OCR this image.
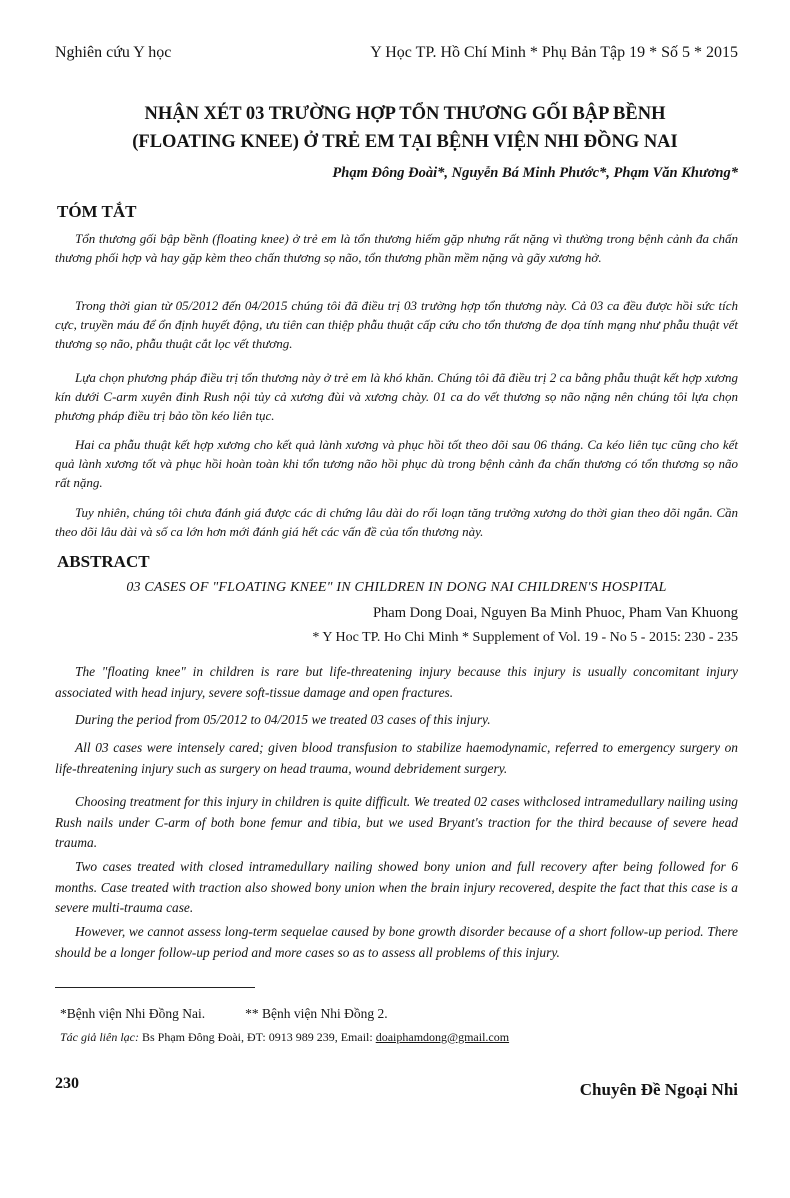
Nghiên cứu Y học	Y Học TP. Hồ Chí Minh * Phụ Bản Tập 19 * Số 5 * 2015
NHẬN XÉT 03 TRƯỜNG HỢP TỔN THƯƠNG GỐI BẬP BỀNH
(FLOATING KNEE) Ở TRẺ EM TẠI BỆNH VIỆN NHI ĐỒNG NAI
Phạm Đông Đoài*, Nguyễn Bá Minh Phước*, Phạm Văn Khương*
TÓM TẮT

Tổn thương gối bập bềnh (floating knee) ở trẻ em là tổn thương hiếm gặp nhưng rất nặng vì thường trong bệnh cảnh đa chấn thương phối hợp và hay gặp kèm theo chấn thương sọ não, tổn thương phần mềm nặng và gãy xương hở.

Trong thời gian từ 05/2012 đến 04/2015 chúng tôi đã điều trị 03 trường hợp tổn thương này. Cả 03 ca đều được hồi sức tích cực, truyền máu để ổn định huyết động, ưu tiên can thiệp phẫu thuật cấp cứu cho tổn thương đe dọa tính mạng như phẫu thuật vết thương sọ não, phẫu thuật cắt lọc vết thương.

Lựa chọn phương pháp điều trị tổn thương này ở trẻ em là khó khăn. Chúng tôi đã điều trị 2 ca bằng phẫu thuật kết hợp xương kín dưới C-arm xuyên đinh Rush nội tủy cả xương đùi và xương chày. 01 ca do vết thương sọ não nặng nên chúng tôi lựa chọn phương pháp điều trị bảo tồn kéo liên tục.

Hai ca phẫu thuật kết hợp xương cho kết quả lành xương và phục hồi tốt theo dõi sau 06 tháng. Ca kéo liên tục cũng cho kết quả lành xương tốt và phục hồi hoàn toàn khi tổn tương não hồi phục dù trong bệnh cảnh đa chấn thương có tổn thương sọ não rất nặng.

Tuy nhiên, chúng tôi chưa đánh giá được các di chứng lâu dài do rối loạn tăng trưởng xương do thời gian theo dõi ngắn. Cần theo dõi lâu dài và số ca lớn hơn mới đánh giá hết các vấn đề của tổn thương này.

ABSTRACT
03 CASES OF "FLOATING KNEE" IN CHILDREN IN DONG NAI CHILDREN'S HOSPITAL
Pham Dong Doai, Nguyen Ba Minh Phuoc, Pham Van Khuong
* Y Hoc TP. Ho Chi Minh * Supplement of Vol. 19 - No 5 - 2015: 230 - 235

The "floating knee" in children is rare but life-threatening injury because this injury is usually concomitant injury associated with head injury, severe soft-tissue damage and open fractures.

During the period from 05/2012 to 04/2015 we treated 03 cases of this injury.

All 03 cases were intensely cared; given blood transfusion to stabilize haemodynamic, referred to emergency surgery on life-threatening injury such as surgery on head trauma, wound debridement surgery.

Choosing treatment for this injury in children is quite difficult. We treated 02 cases withclosed intramedullary nailing using Rush nails under C-arm of both bone femur and tibia, but we used Bryant's traction for the third because of severe head trauma.

Two cases treated with closed intramedullary nailing showed bony union and full recovery after being followed for 6 months. Case treated with traction also showed bony union when the brain injury recovered, despite the fact that this case is a severe multi-trauma case.

However, we cannot assess long-term sequelae caused by bone growth disorder because of a short follow-up period. There should be a longer follow-up period and more cases so as to assess all problems of this injury.

*Bệnh viện Nhi Đồng Nai.	** Bệnh viện Nhi Đồng 2.
Tác giả liên lạc: Bs Phạm Đông Đoài, ĐT: 0913 989 239, Email: doaiphamdong@gmail.com
230	Chuyên Đề Ngoại Nhi
